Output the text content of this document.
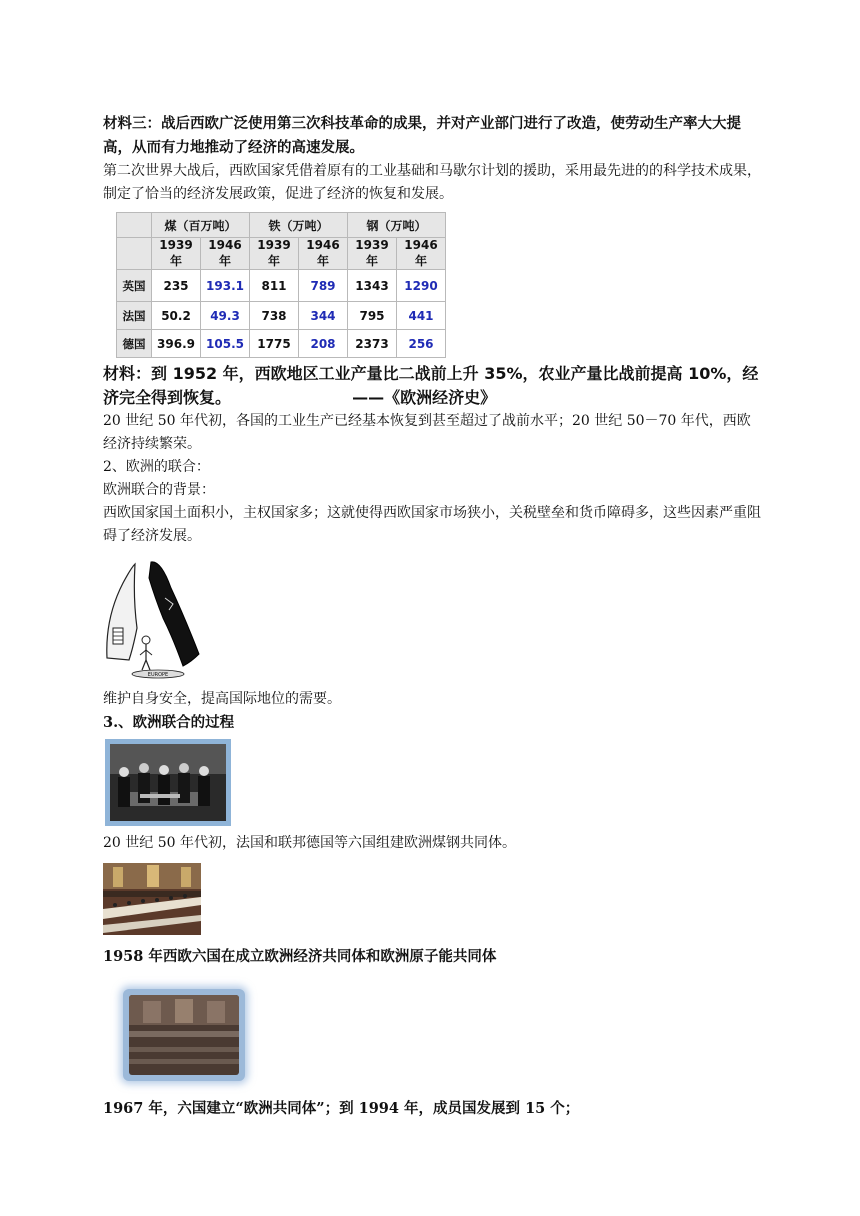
材料三：战后西欧广泛使用第三次科技革命的成果，并对产业部门进行了改造，使劳动生产率大大提高，从而有力地推动了经济的高速发展。

第二次世界大战后，西欧国家凭借着原有的工业基础和马歇尔计划的援助，采用最先进的的科学技术成果，制定了恰当的经济发展政策，促进了经济的恢复和发展。

	煤（百万吨）		铁（万吨）		钢（万吨）	
	1939年	1946年	1939年	1946年	1939年	1946年
英国	235	193.1	811	789	1343	1290
法国	50.2	49.3	738	344	795	441
德国	396.9	105.5	1775	208	2373	256

材料：到 1952 年，西欧地区工业产量比二战前上升 35%，农业产量比战前提高 10%，经济完全得到恢复。	——《欧洲经济史》

20 世纪 50 年代初，各国的工业生产已经基本恢复到甚至超过了战前水平；20 世纪 50－70 年代，西欧经济持续繁荣。

2、欧洲的联合：

欧洲联合的背景：

西欧国家国土面积小，主权国家多；这就使得西欧国家市场狭小，关税壁垒和货币障碍多，这些因素严重阻碍了经济发展。

EUROPE

维护自身安全，提高国际地位的需要。

3.、欧洲联合的过程

20 世纪 50 年代初，法国和联邦德国等六国组建欧洲煤钢共同体。

1958 年西欧六国在成立欧洲经济共同体和欧洲原子能共同体

1967 年，六国建立“欧洲共同体”；到 1994 年，成员国发展到 15 个；
